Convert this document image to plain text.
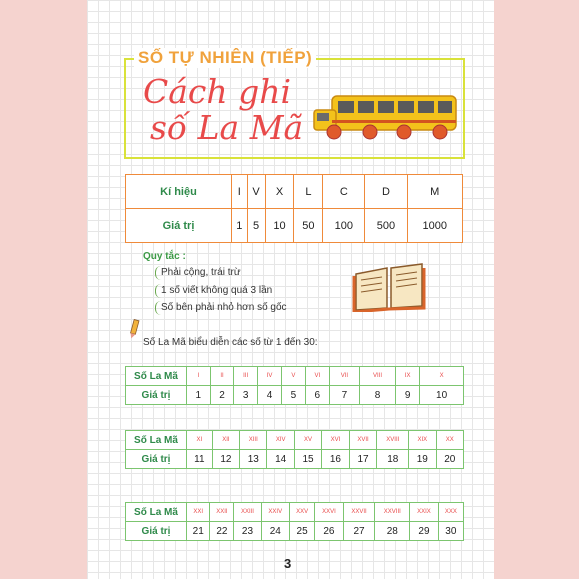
SỐ TỰ NHIÊN (TIẾP)
Cách ghi
số La Mã
Kí hiệu	I	V	X	L	C	D	M
Giá trị	1	5	10	50	100	500	1000
Quy tắc :
Phải cộng, trái trừ
1 số viết không quá 3 lần
Số bên phải nhỏ hơn số gốc
Số La Mã biểu diễn các số từ 1 đến 30:
Số La Mã	I	II	III	IV	V	VI	VII	VIII	IX	X
Giá trị	1	2	3	4	5	6	7	8	9	10
Số La Mã	XI	XII	XIII	XIV	XV	XVI	XVII	XVIII	XIX	XX
Giá trị	11	12	13	14	15	16	17	18	19	20
Số La Mã	XXI	XXII	XXIII	XXIV	XXV	XXVI	XXVII	XXVIII	XXIX	XXX
Giá trị	21	22	23	24	25	26	27	28	29	30
3
